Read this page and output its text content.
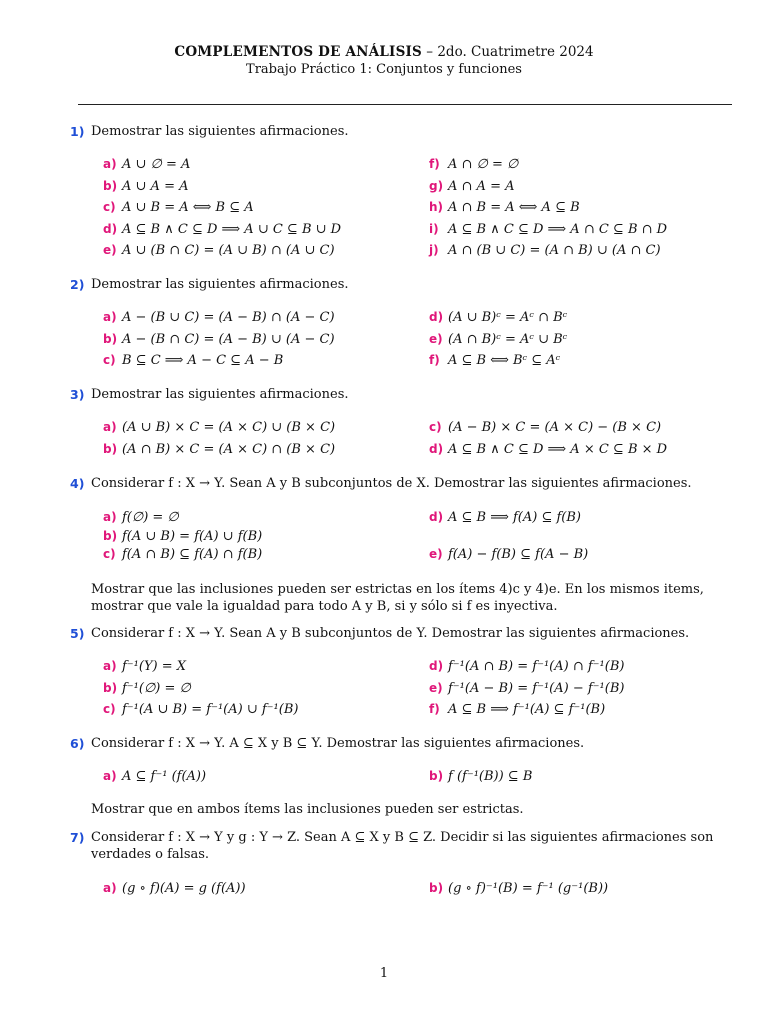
COMPLEMENTOS DE ANÁLISIS – 2do. Cuatrimetre 2024
Trabajo Práctico 1: Conjuntos y funciones
1) Demostrar las siguientes afirmaciones.
a) A ∪ ∅ = A
b) A ∪ A = A
c) A ∪ B = A ⟺ B ⊆ A
d) A ⊆ B ∧ C ⊆ D ⟹ A ∪ C ⊆ B ∪ D
e) A ∪ (B ∩ C) = (A ∪ B) ∩ (A ∪ C)
f) A ∩ ∅ = ∅
g) A ∩ A = A
h) A ∩ B = A ⟺ A ⊆ B
i) A ⊆ B ∧ C ⊆ D ⟹ A ∩ C ⊆ B ∩ D
j) A ∩ (B ∪ C) = (A ∩ B) ∪ (A ∩ C)
2) Demostrar las siguientes afirmaciones.
a) A − (B ∪ C) = (A − B) ∩ (A − C)
b) A − (B ∩ C) = (A − B) ∪ (A − C)
c) B ⊆ C ⟹ A − C ⊆ A − B
d) (A ∪ B)ᶜ = Aᶜ ∩ Bᶜ
e) (A ∩ B)ᶜ = Aᶜ ∪ Bᶜ
f) A ⊆ B ⟺ Bᶜ ⊆ Aᶜ
3) Demostrar las siguientes afirmaciones.
a) (A ∪ B) × C = (A × C) ∪ (B × C)
b) (A ∩ B) × C = (A × C) ∩ (B × C)
c) (A − B) × C = (A × C) − (B × C)
d) A ⊆ B ∧ C ⊆ D ⟹ A × C ⊆ B × D
4) Considerar f : X → Y. Sean A y B subconjuntos de X. Demostrar las siguientes afirmaciones.
a) f(∅) = ∅
b) f(A ∪ B) = f(A) ∪ f(B)
c) f(A ∩ B) ⊆ f(A) ∩ f(B)
d) A ⊆ B ⟹ f(A) ⊆ f(B)
e) f(A) − f(B) ⊆ f(A − B)
Mostrar que las inclusiones pueden ser estrictas en los ítems 4)c y 4)e. En los mismos items, mostrar que vale la igualdad para todo A y B, si y sólo si f es inyectiva.
5) Considerar f : X → Y. Sean A y B subconjuntos de Y. Demostrar las siguientes afirmaciones.
a) f⁻¹(Y) = X
b) f⁻¹(∅) = ∅
c) f⁻¹(A ∪ B) = f⁻¹(A) ∪ f⁻¹(B)
d) f⁻¹(A ∩ B) = f⁻¹(A) ∩ f⁻¹(B)
e) f⁻¹(A − B) = f⁻¹(A) − f⁻¹(B)
f) A ⊆ B ⟹ f⁻¹(A) ⊆ f⁻¹(B)
6) Considerar f : X → Y. A ⊆ X y B ⊆ Y. Demostrar las siguientes afirmaciones.
a) A ⊆ f⁻¹ (f(A))	b) f (f⁻¹(B)) ⊆ B
Mostrar que en ambos ítems las inclusiones pueden ser estrictas.
7) Considerar f : X → Y y g : Y → Z. Sean A ⊆ X y B ⊆ Z. Decidir si las siguientes afirmaciones son verdades o falsas.
a) (g ∘ f)(A) = g (f(A))	b) (g ∘ f)⁻¹(B) = f⁻¹ (g⁻¹(B))
1
